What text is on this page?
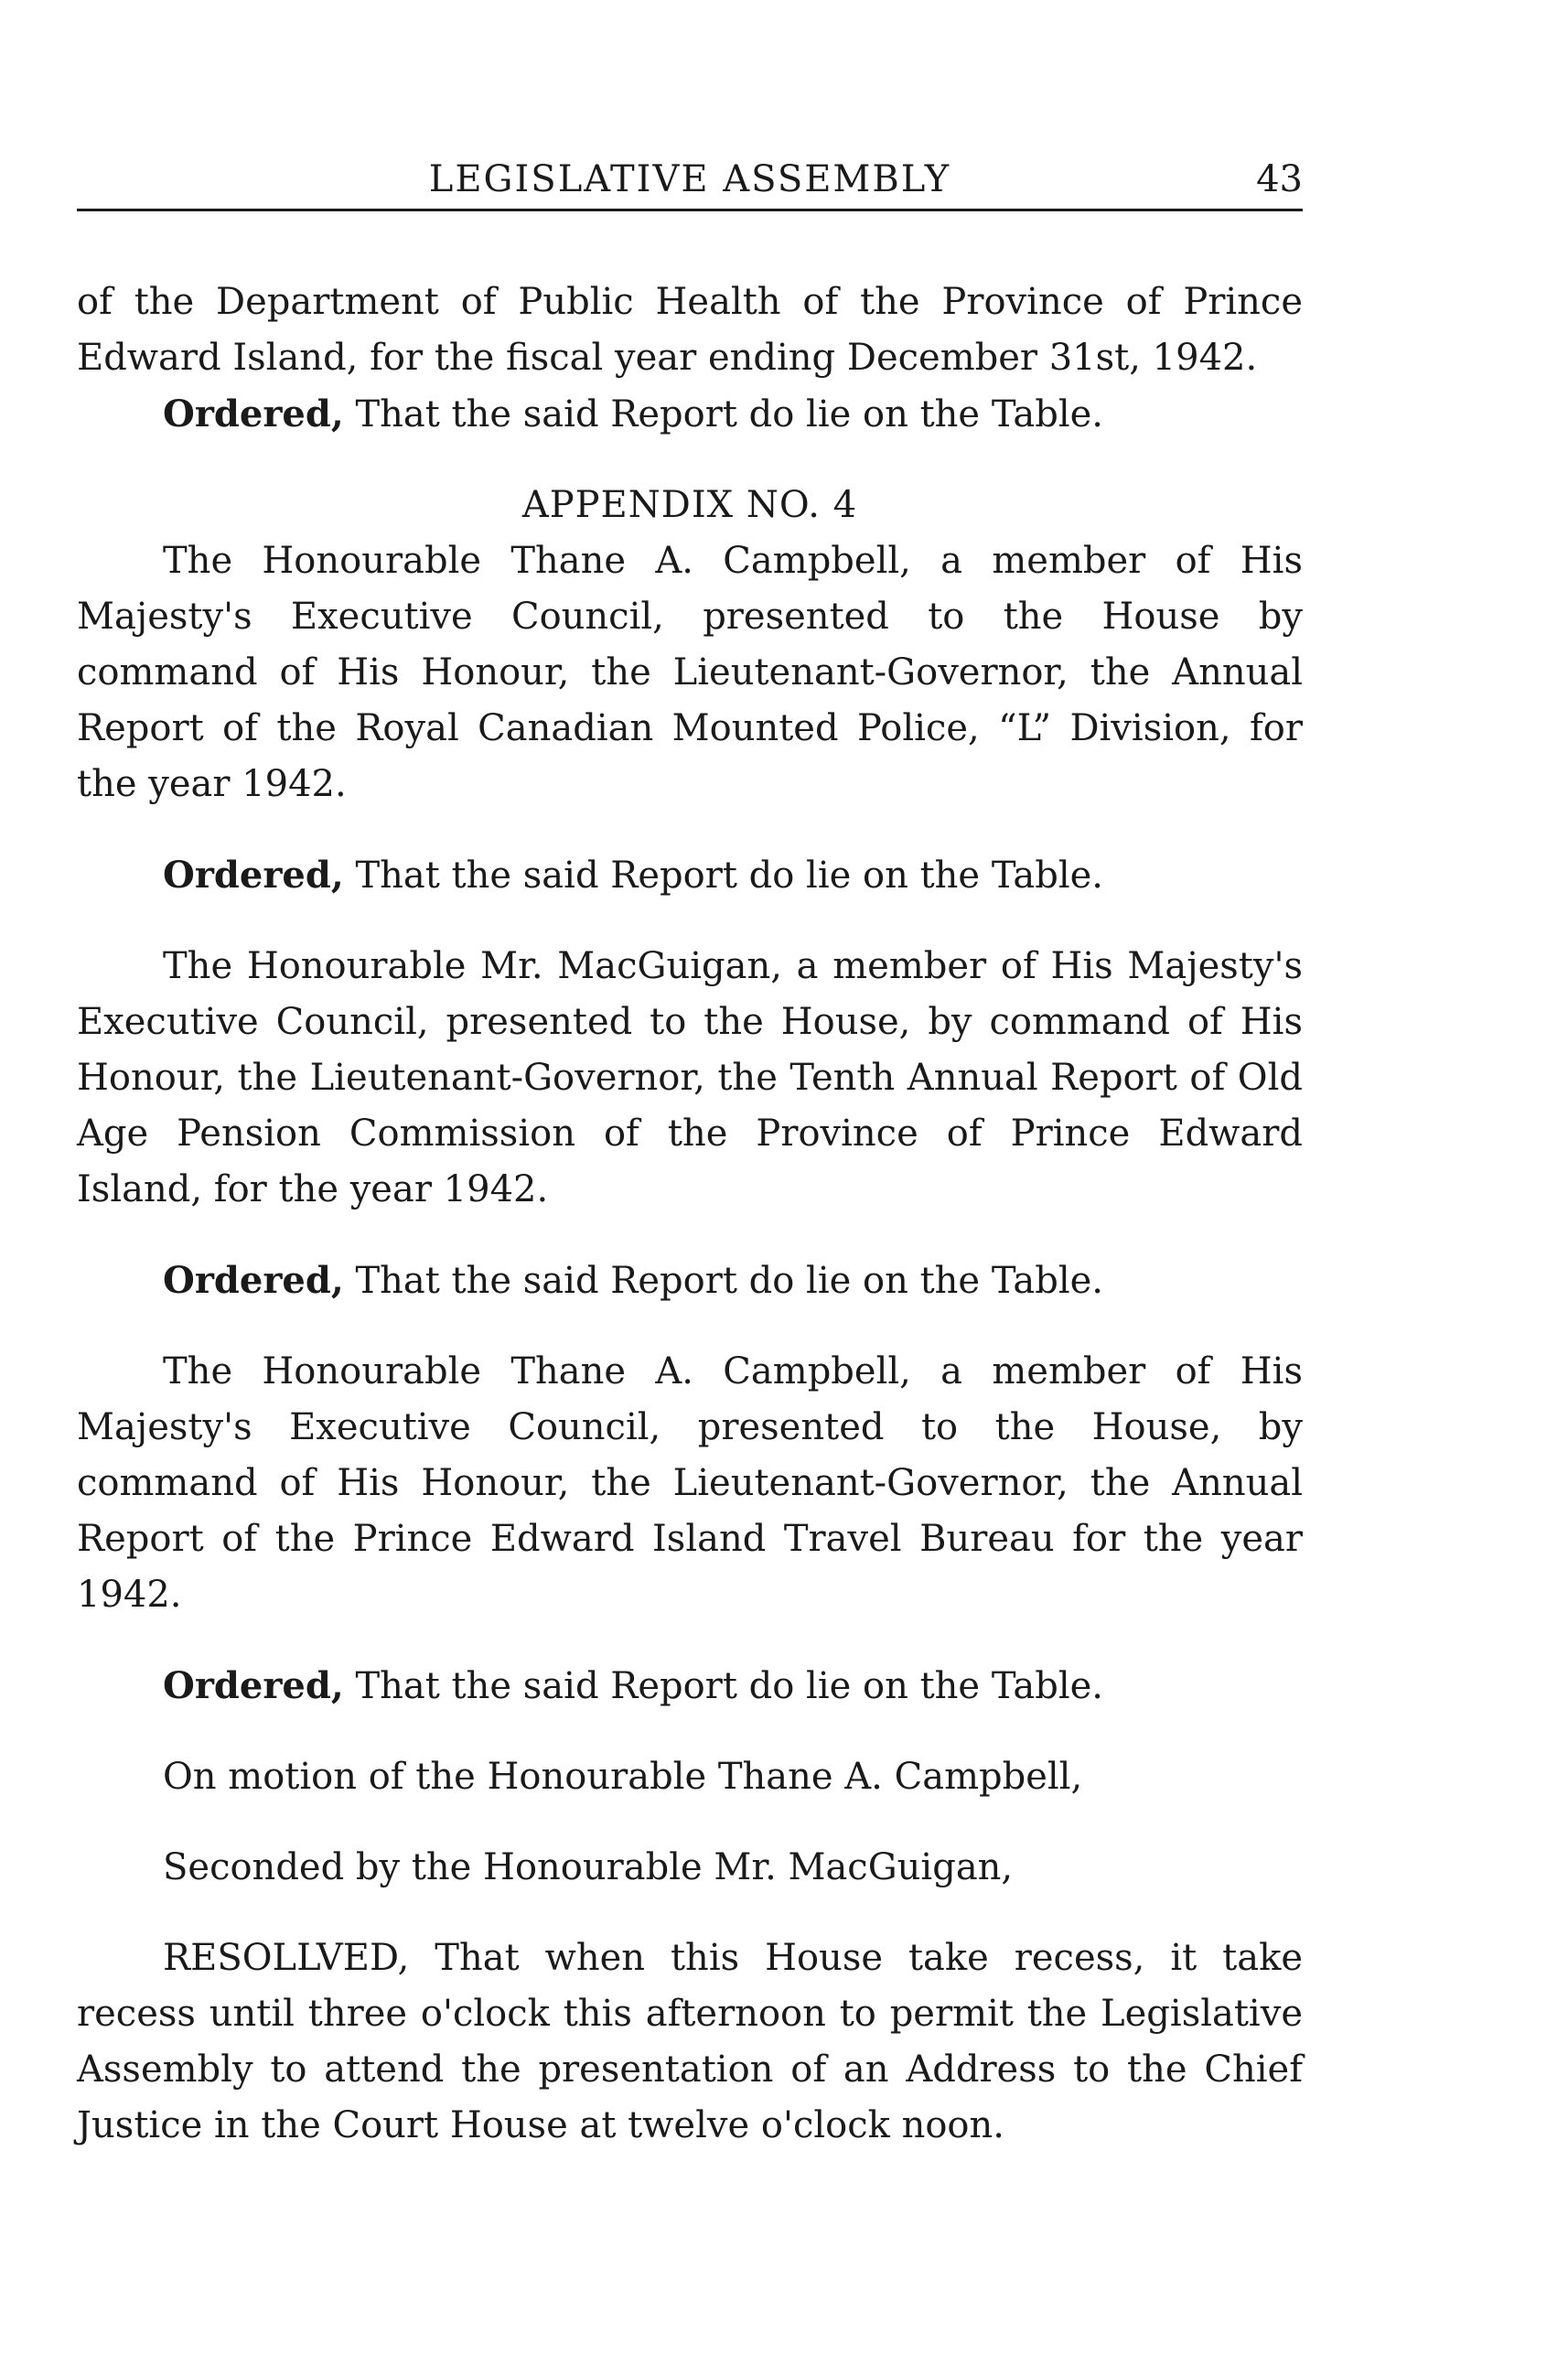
LEGISLATIVE ASSEMBLY	43

of the Department of Public Health of the Province of Prince Edward Island, for the fiscal year ending December 31st, 1942.

Ordered, That the said Report do lie on the Table.

APPENDIX NO. 4

The Honourable Thane A. Campbell, a member of His Majesty's Executive Council, presented to the House by command of His Honour, the Lieutenant-Governor, the Annual Report of the Royal Canadian Mounted Police, “L” Division, for the year 1942.

Ordered, That the said Report do lie on the Table.

The Honourable Mr. MacGuigan, a member of His Majesty's Executive Council, presented to the House, by command of His Honour, the Lieutenant-Governor, the Tenth Annual Report of Old Age Pension Commission of the Province of Prince Edward Island, for the year 1942.

Ordered, That the said Report do lie on the Table.

The Honourable Thane A. Campbell, a member of His Majesty's Executive Council, presented to the House, by command of His Honour, the Lieutenant-Governor, the Annual Report of the Prince Edward Island Travel Bureau for the year 1942.

Ordered, That the said Report do lie on the Table.

On motion of the Honourable Thane A. Campbell,

Seconded by the Honourable Mr. MacGuigan,

RESOLLVED, That when this House take recess, it take recess until three o'clock this afternoon to permit the Legislative Assembly to attend the presentation of an Address to the Chief Justice in the Court House at twelve o'clock noon.
